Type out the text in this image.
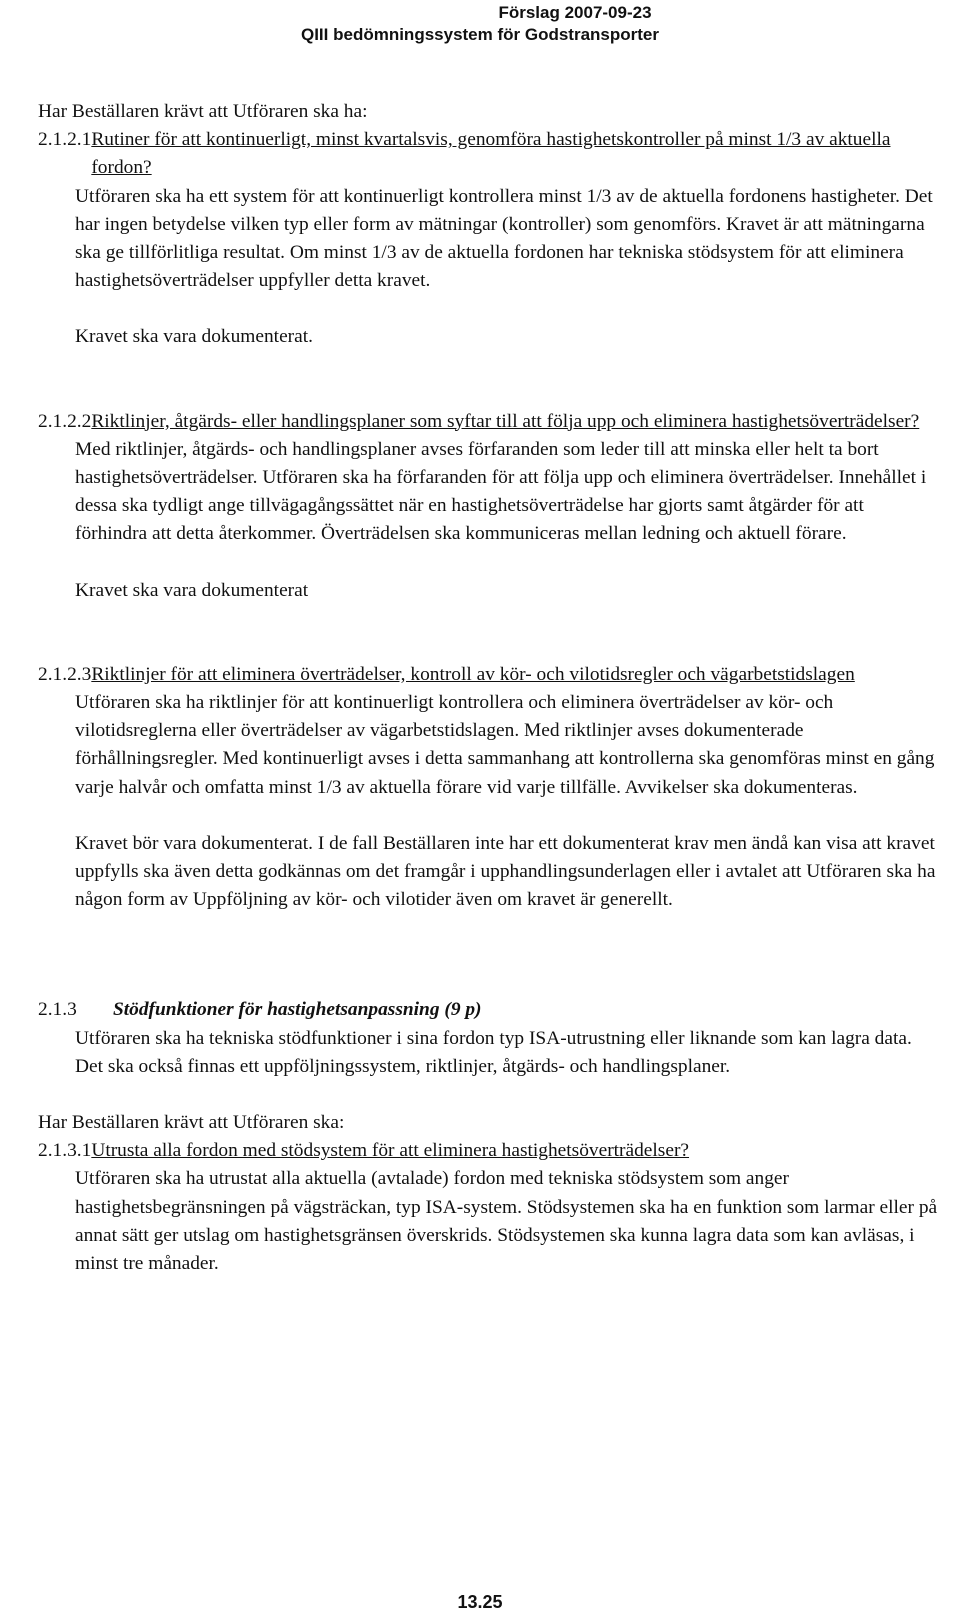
Förslag 2007-09-23
QIII bedömningssystem för Godstransporter

Har Beställaren krävt att Utföraren ska ha:

2.1.2.1 Rutiner för att kontinuerligt, minst kvartalsvis, genomföra hastighetskontroller på minst 1/3 av aktuella fordon?

Utföraren ska ha ett system för att kontinuerligt kontrollera minst 1/3 av de aktuella fordonens hastigheter. Det har ingen betydelse vilken typ eller form av mätningar (kontroller) som genomförs. Kravet är att mätningarna ska ge tillförlitliga resultat. Om minst 1/3 av de aktuella fordonen har tekniska stödsystem för att eliminera hastighetsöverträdelser uppfyller detta kravet.

Kravet ska vara dokumenterat.

2.1.2.2 Riktlinjer, åtgärds- eller handlingsplaner som syftar till att följa upp och eliminera hastighetsöverträdelser?

Med riktlinjer, åtgärds- och handlingsplaner avses förfaranden som leder till att minska eller helt ta bort hastighetsöverträdelser. Utföraren ska ha förfaranden för att följa upp och eliminera överträdelser. Innehållet i dessa ska tydligt ange tillvägagångssättet när en hastighetsöverträdelse har gjorts samt åtgärder för att förhindra att detta återkommer. Överträdelsen ska kommuniceras mellan ledning och aktuell förare.

Kravet ska vara dokumenterat

2.1.2.3 Riktlinjer för att eliminera överträdelser, kontroll av kör- och vilotidsregler och vägarbetstidslagen

Utföraren ska ha riktlinjer för att kontinuerligt kontrollera och eliminera överträdelser av kör- och vilotidsreglerna eller överträdelser av vägarbetstidslagen. Med riktlinjer avses dokumenterade förhållningsregler. Med kontinuerligt avses i detta sammanhang att kontrollerna ska genomföras minst en gång varje halvår och omfatta minst 1/3 av aktuella förare vid varje tillfälle. Avvikelser ska dokumenteras.

Kravet bör vara dokumenterat. I de fall Beställaren inte har ett dokumenterat krav men ändå kan visa att kravet uppfylls ska även detta godkännas om det framgår i upphandlingsunderlagen eller i avtalet att Utföraren ska ha någon form av Uppföljning av kör- och vilotider även om kravet är generellt.

2.1.3	Stödfunktioner för hastighetsanpassning (9 p)

Utföraren ska ha tekniska stödfunktioner i sina fordon typ ISA-utrustning eller liknande som kan lagra data. Det ska också finnas ett uppföljningssystem, riktlinjer, åtgärds- och handlingsplaner.

Har Beställaren krävt att Utföraren ska:

2.1.3.1 Utrusta alla fordon med stödsystem för att eliminera hastighetsöverträdelser?

Utföraren ska ha utrustat alla aktuella (avtalade) fordon med tekniska stödsystem som anger hastighetsbegränsningen på vägsträckan, typ ISA-system. Stödsystemen ska ha en funktion som larmar eller på annat sätt ger utslag om hastighetsgränsen överskrids. Stödsystemen ska kunna lagra data som kan avläsas, i minst tre månader.

13.25
